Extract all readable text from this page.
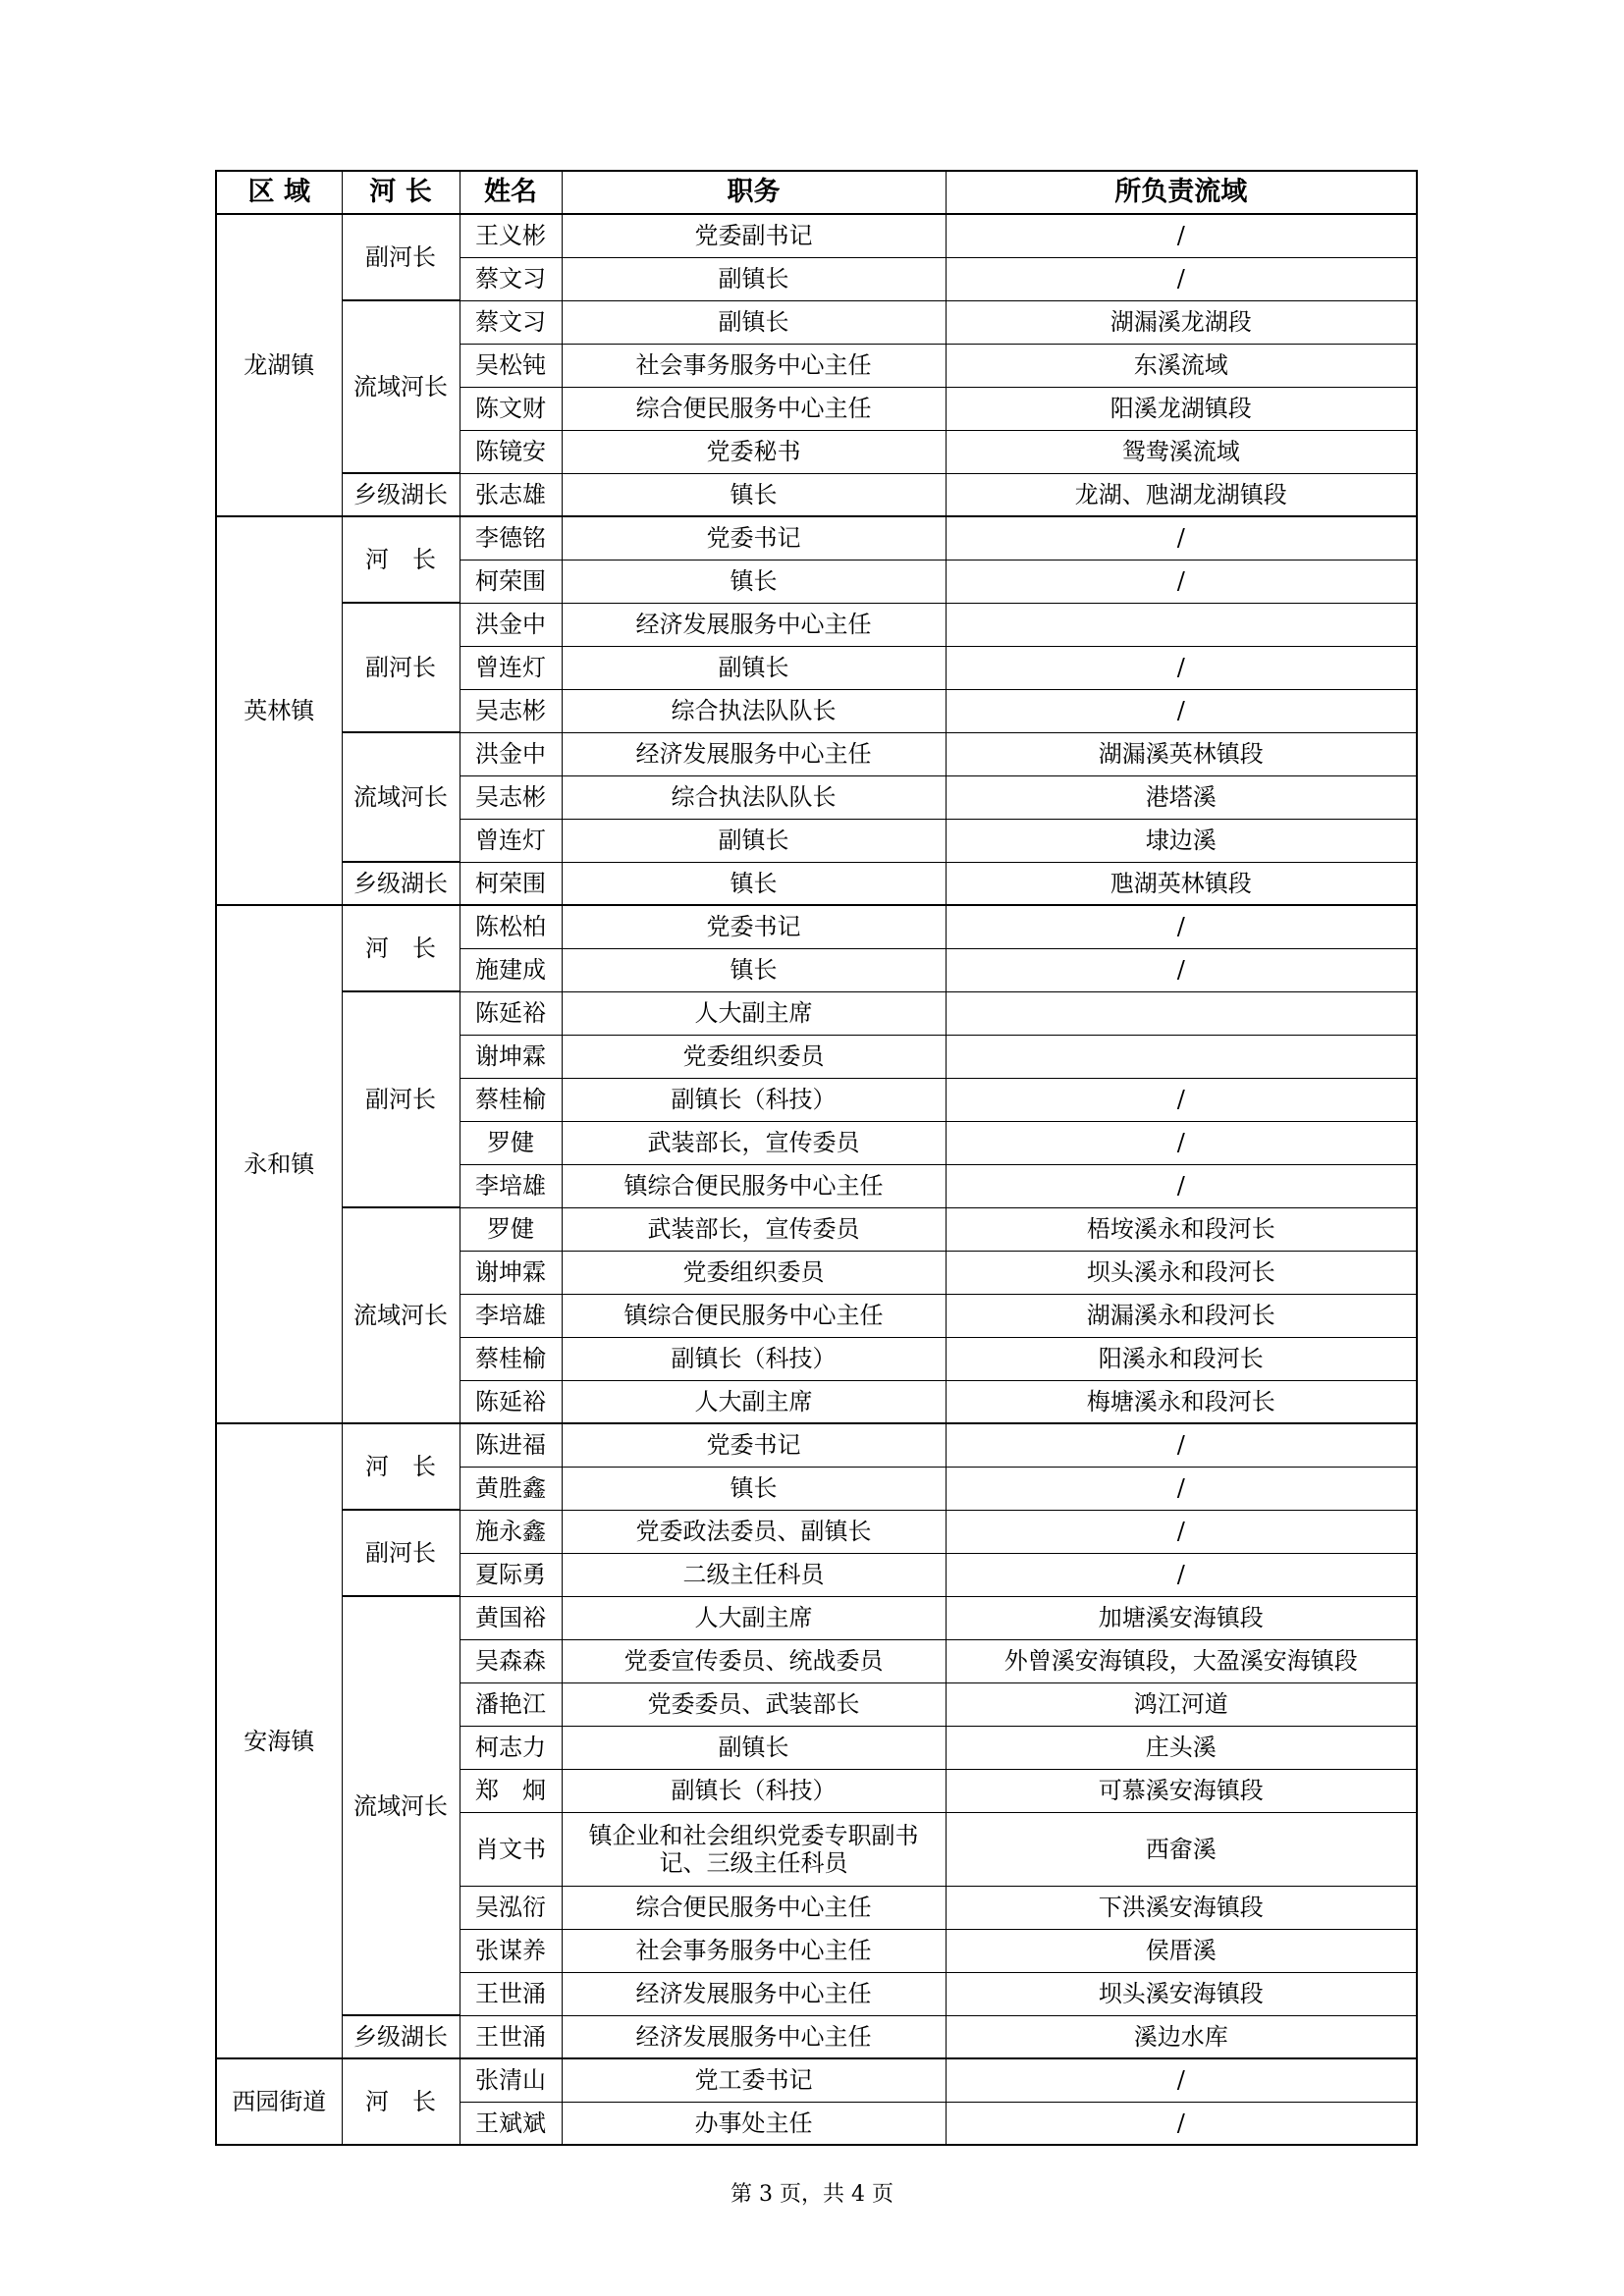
区 域	河 长	姓名	职务	所负责流域
龙湖镇	副河长	王义彬	党委副书记	/
		蔡文习	副镇长	/
	流域河长	蔡文习	副镇长	湖漏溪龙湖段
		吴松钝	社会事务服务中心主任	东溪流域
		陈文财	综合便民服务中心主任	阳溪龙湖镇段
		陈镜安	党委秘书	鸳鸯溪流域
	乡级湖长	张志雄	镇长	龙湖、虺湖龙湖镇段
英林镇	河　长	李德铭	党委书记	/
		柯荣围	镇长	/
	副河长	洪金中	经济发展服务中心主任	
		曾连灯	副镇长	/
		吴志彬	综合执法队队长	/
	流域河长	洪金中	经济发展服务中心主任	湖漏溪英林镇段
		吴志彬	综合执法队队长	港塔溪
		曾连灯	副镇长	埭边溪
	乡级湖长	柯荣围	镇长	虺湖英林镇段
永和镇	河　长	陈松柏	党委书记	/
		施建成	镇长	/
	副河长	陈延裕	人大副主席	
		谢坤霖	党委组织委员	
		蔡桂榆	副镇长（科技）	/
		罗健	武装部长，宣传委员	/
		李培雄	镇综合便民服务中心主任	/
	流域河长	罗健	武装部长，宣传委员	梧垵溪永和段河长
		谢坤霖	党委组织委员	坝头溪永和段河长
		李培雄	镇综合便民服务中心主任	湖漏溪永和段河长
		蔡桂榆	副镇长（科技）	阳溪永和段河长
		陈延裕	人大副主席	梅塘溪永和段河长
安海镇	河　长	陈进福	党委书记	/
		黄胜鑫	镇长	/
	副河长	施永鑫	党委政法委员、副镇长	/
		夏际勇	二级主任科员	/
	流域河长	黄国裕	人大副主席	加塘溪安海镇段
		吴森森	党委宣传委员、统战委员	外曾溪安海镇段，大盈溪安海镇段
		潘艳江	党委委员、武装部长	鸿江河道
		柯志力	副镇长	庄头溪
		郑　炯	副镇长（科技）	可慕溪安海镇段
		肖文书	镇企业和社会组织党委专职副书记、三级主任科员	西畲溪
		吴泓衍	综合便民服务中心主任	下洪溪安海镇段
		张谋养	社会事务服务中心主任	侯厝溪
		王世涌	经济发展服务中心主任	坝头溪安海镇段
	乡级湖长	王世涌	经济发展服务中心主任	溪边水库
西园街道	河　长	张清山	党工委书记	/
		王斌斌	办事处主任	/
第 3 页，共 4 页
